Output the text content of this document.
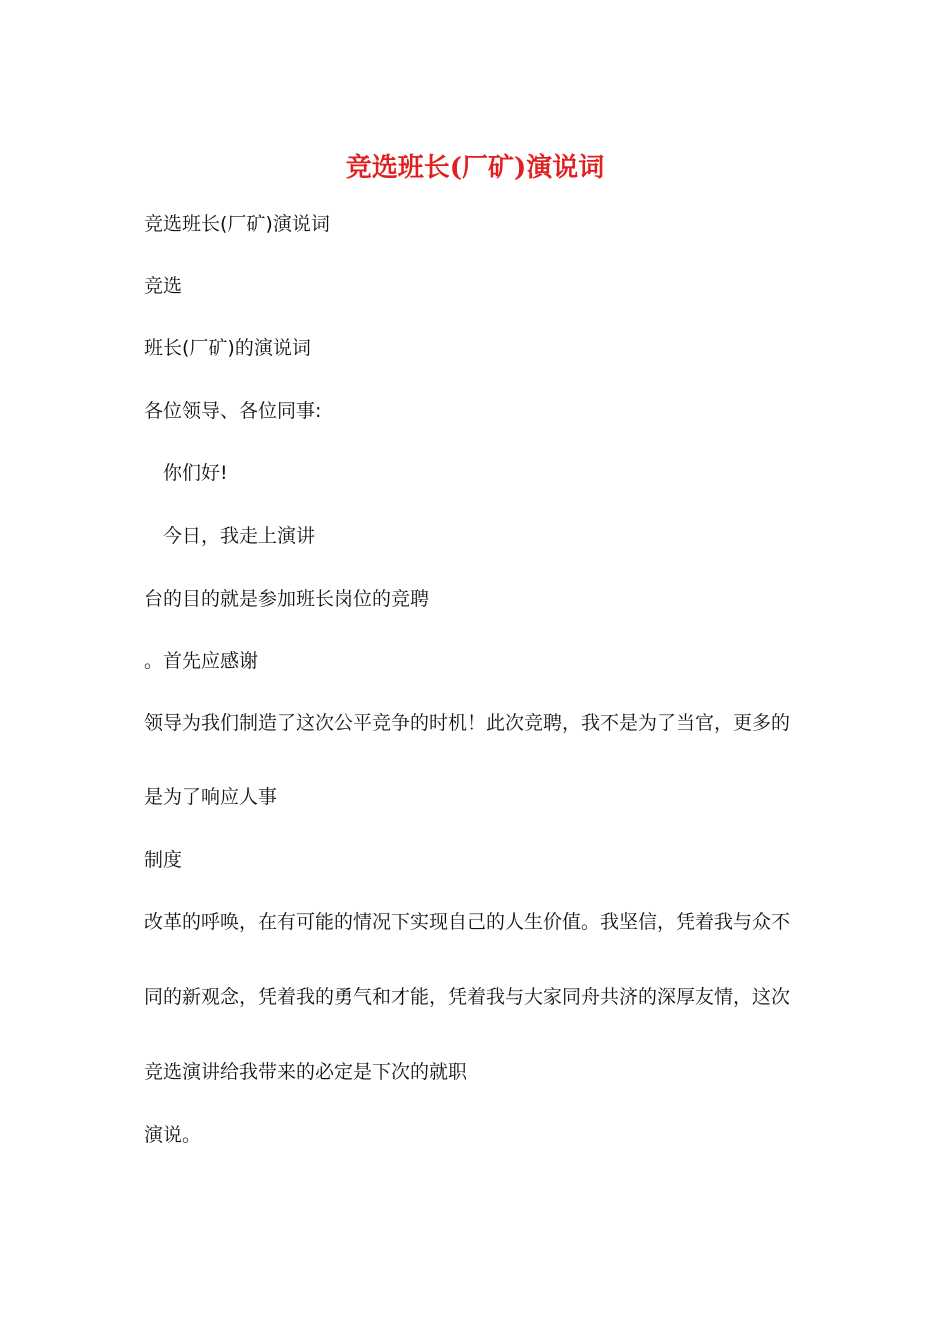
竞选班长(厂矿)演说词

竞选班长(厂矿)演说词

竞选

班长(厂矿)的演说词

各位领导、各位同事:

你们好!

今日，我走上演讲

台的目的就是参加班长岗位的竞聘

。首先应感谢

领导为我们制造了这次公平竞争的时机！此次竞聘，我不是为了当官，更多的

是为了响应人事

制度

改革的呼唤，在有可能的情况下实现自己的人生价值。我坚信，凭着我与众不

同的新观念，凭着我的勇气和才能，凭着我与大家同舟共济的深厚友情，这次

竞选演讲给我带来的必定是下次的就职

演说。
